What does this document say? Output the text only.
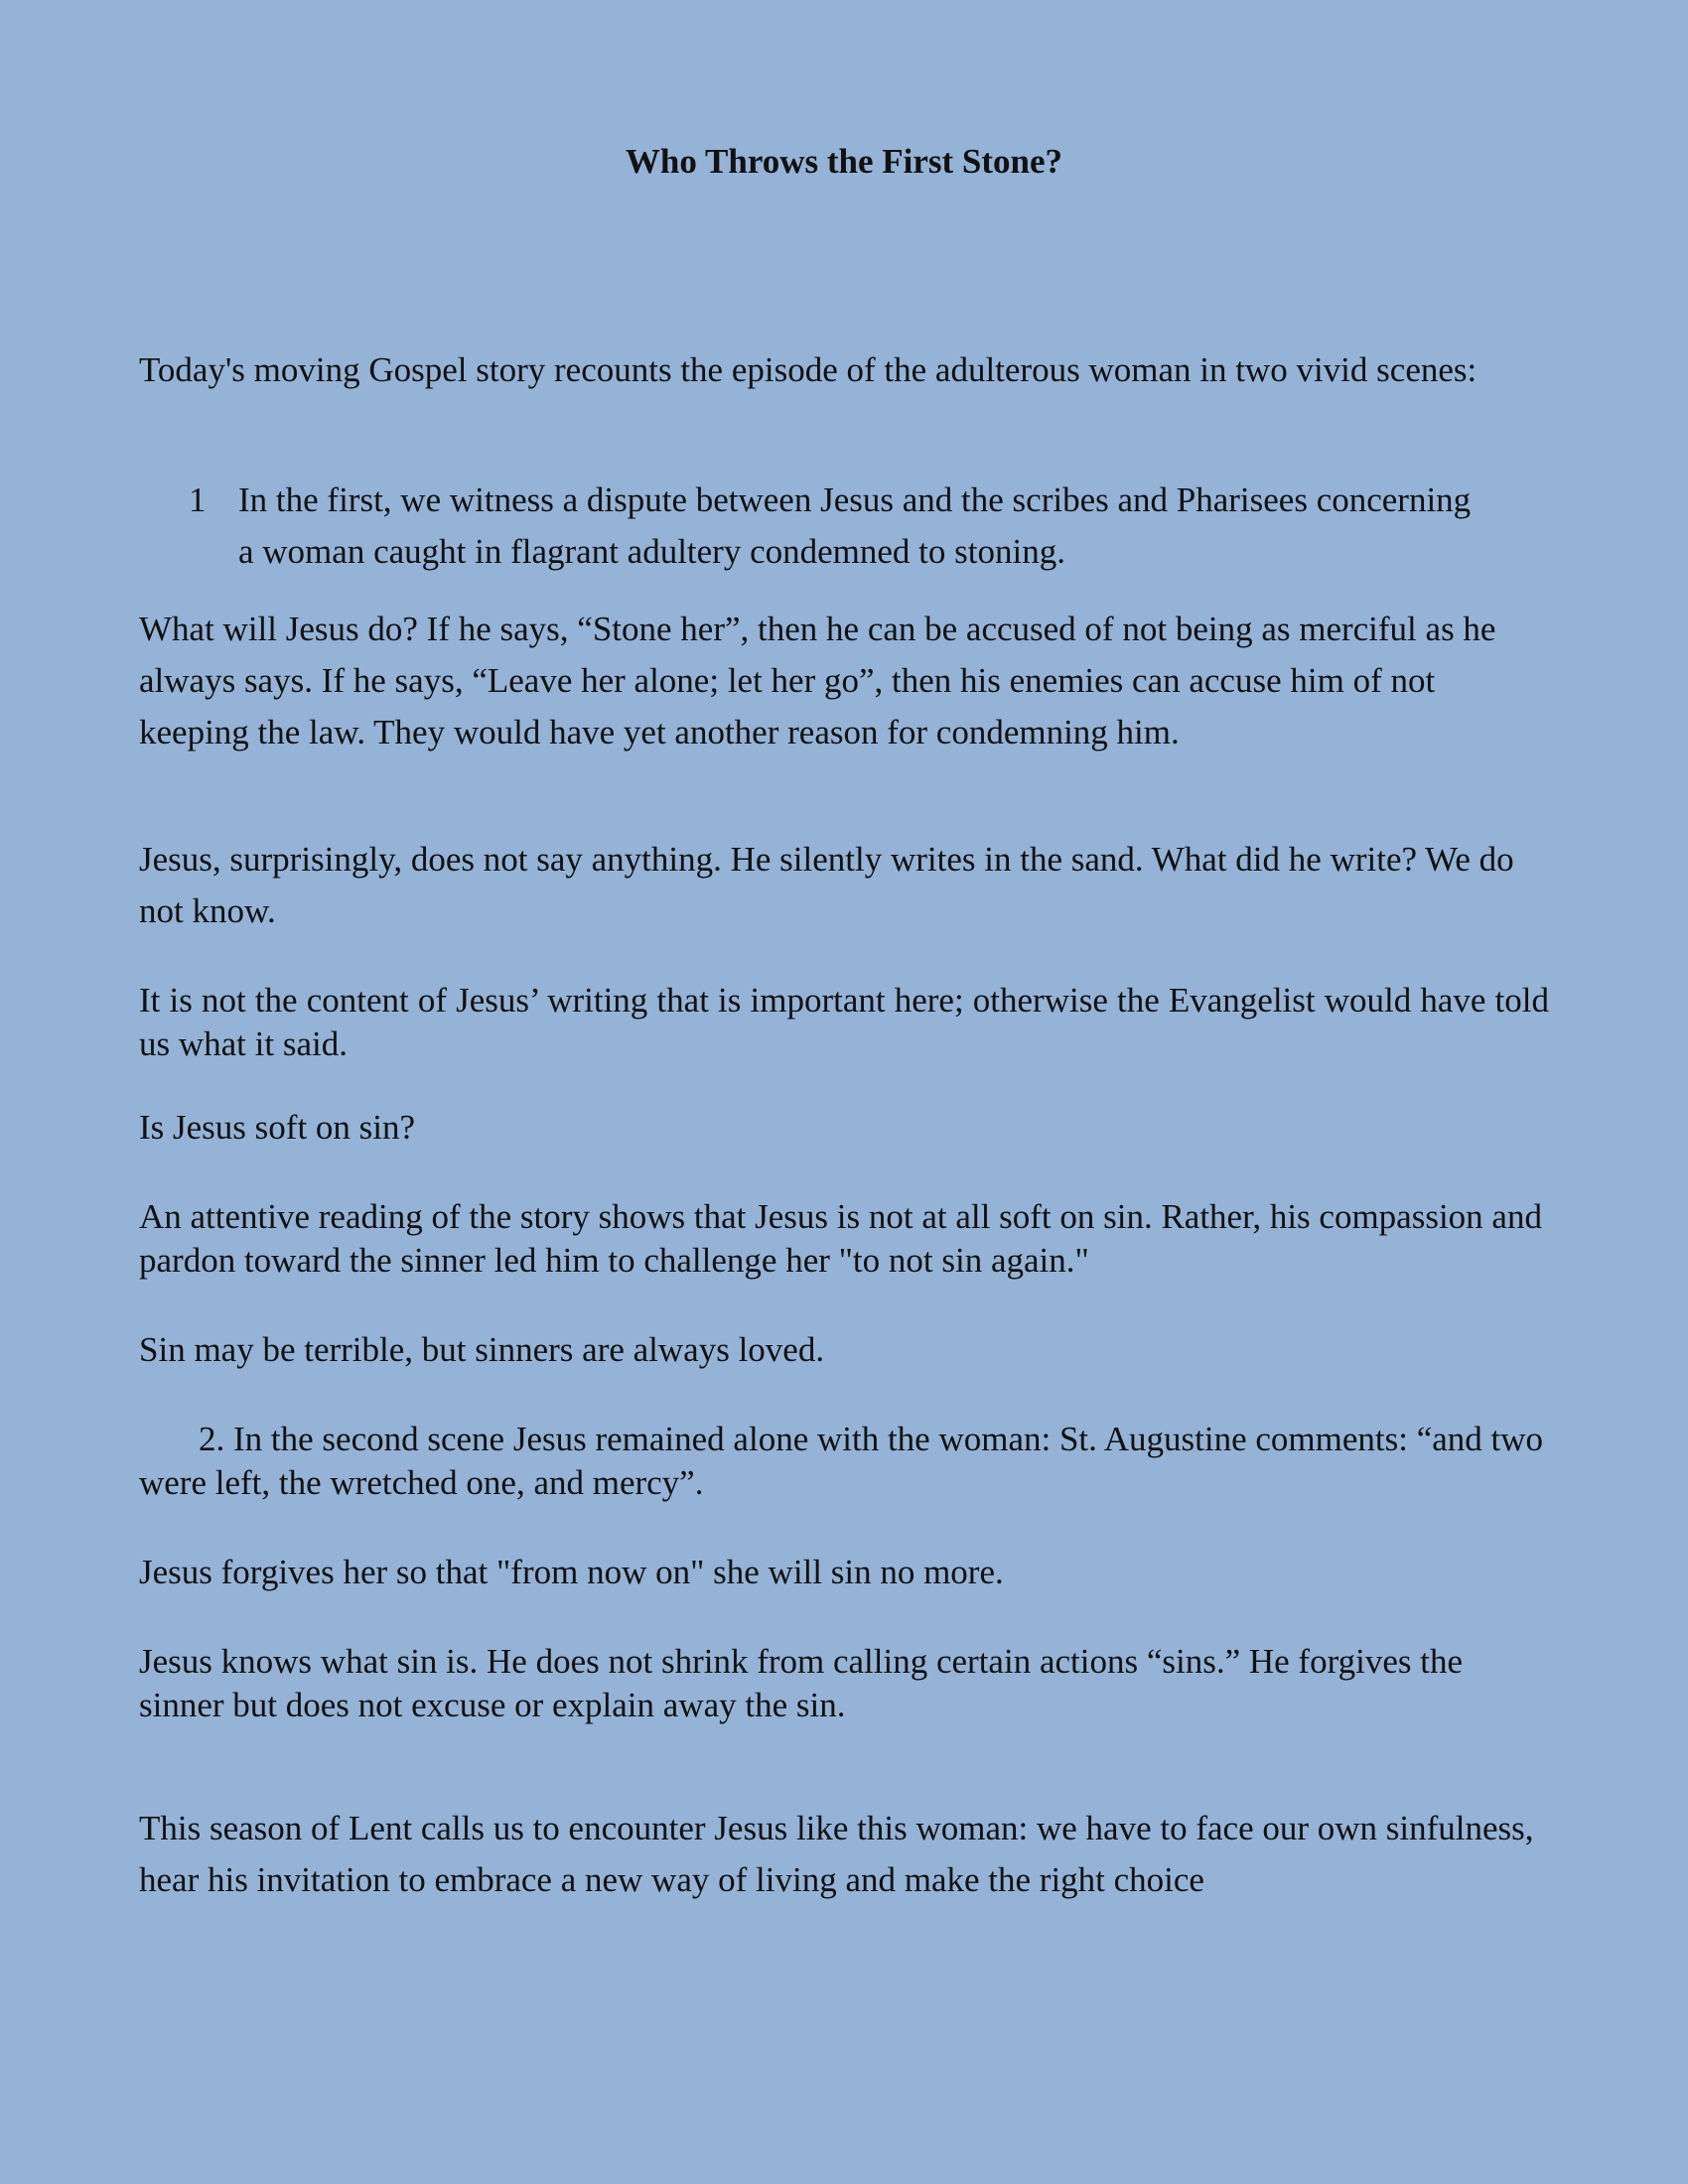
Who Throws the First Stone?
Today's moving Gospel story recounts the episode of the adulterous woman in two vivid scenes:
1 In the first, we witness a dispute between Jesus and the scribes and Pharisees concerning a woman caught in flagrant adultery condemned to stoning.
What will Jesus do? If he says, “Stone her”, then he can be accused of not being as merciful as he always says. If he says, “Leave her alone; let her go”, then his enemies can accuse him of not keeping the law. They would have yet another reason for condemning him.
Jesus, surprisingly, does not say anything. He silently writes in the sand. What did he write? We do not know.
It is not the content of Jesus’ writing that is important here; otherwise the Evangelist would have told us what it said.
Is Jesus soft on sin?
An attentive reading of the story shows that Jesus is not at all soft on sin. Rather, his compassion and pardon toward the sinner led him to challenge her "to not sin again."
Sin may be terrible, but sinners are always loved.
2. In the second scene Jesus remained alone with the woman: St. Augustine comments: “and two were left, the wretched one, and mercy”.
Jesus forgives her so that "from now on" she will sin no more.
Jesus knows what sin is. He does not shrink from calling certain actions “sins.” He forgives the sinner but does not excuse or explain away the sin.
This season of Lent calls us to encounter Jesus like this woman: we have to face our own sinfulness, hear his invitation to embrace a new way of living and make the right choice
